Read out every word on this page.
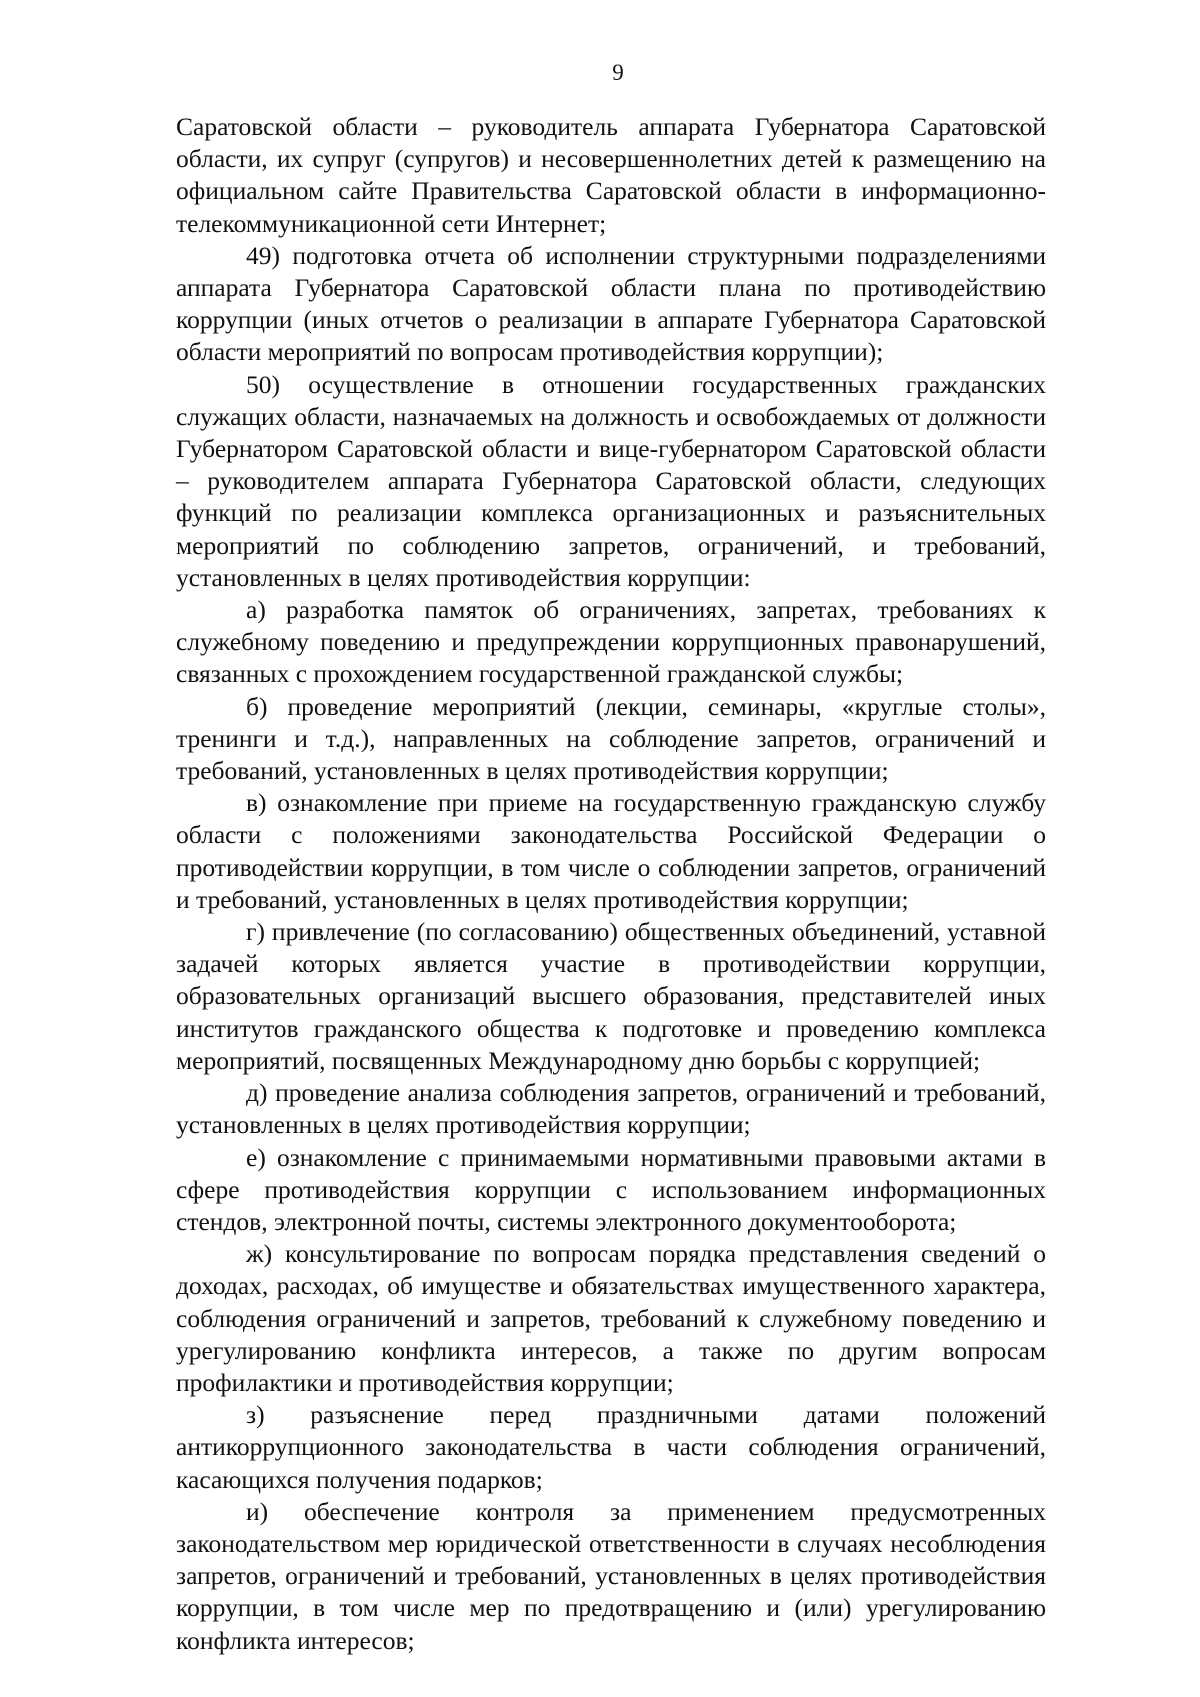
9

Саратовской области – руководитель аппарата Губернатора Саратовской области, их супруг (супругов) и несовершеннолетних детей к размещению на официальном сайте Правительства Саратовской области в информационно-телекоммуникационной сети Интернет;

49) подготовка отчета об исполнении структурными подразделениями аппарата Губернатора Саратовской области плана по противодействию коррупции (иных отчетов о реализации в аппарате Губернатора Саратовской области мероприятий по вопросам противодействия коррупции);

50) осуществление в отношении государственных гражданских служащих области, назначаемых на должность и освобождаемых от должности Губернатором Саратовской области и вице-губернатором Саратовской области – руководителем аппарата Губернатора Саратовской области, следующих функций по реализации комплекса организационных и разъяснительных мероприятий по соблюдению запретов, ограничений, и требований, установленных в целях противодействия коррупции:

а) разработка памяток об ограничениях, запретах, требованиях к служебному поведению и предупреждении коррупционных правонарушений, связанных с прохождением государственной гражданской службы;

б) проведение мероприятий (лекции, семинары, «круглые столы», тренинги и т.д.), направленных на соблюдение запретов, ограничений и требований, установленных в целях противодействия коррупции;

в) ознакомление при приеме на государственную гражданскую службу области с положениями законодательства Российской Федерации о противодействии коррупции, в том числе о соблюдении запретов, ограничений и требований, установленных в целях противодействия коррупции;

г) привлечение (по согласованию) общественных объединений, уставной задачей которых является участие в противодействии коррупции, образовательных организаций высшего образования, представителей иных институтов гражданского общества к подготовке и проведению комплекса мероприятий, посвященных Международному дню борьбы с коррупцией;

д) проведение анализа соблюдения запретов, ограничений и требований, установленных в целях противодействия коррупции;

е) ознакомление с принимаемыми нормативными правовыми актами в сфере противодействия коррупции с использованием информационных стендов, электронной почты, системы электронного документооборота;

ж) консультирование по вопросам порядка представления сведений о доходах, расходах, об имуществе и обязательствах имущественного характера, соблюдения ограничений и запретов, требований к служебному поведению и урегулированию конфликта интересов, а также по другим вопросам профилактики и противодействия коррупции;

з) разъяснение перед праздничными датами положений антикоррупционного законодательства в части соблюдения ограничений, касающихся получения подарков;

и) обеспечение контроля за применением предусмотренных законодательством мер юридической ответственности в случаях несоблюдения запретов, ограничений и требований, установленных в целях противодействия коррупции, в том числе мер по предотвращению и (или) урегулированию конфликта интересов;
